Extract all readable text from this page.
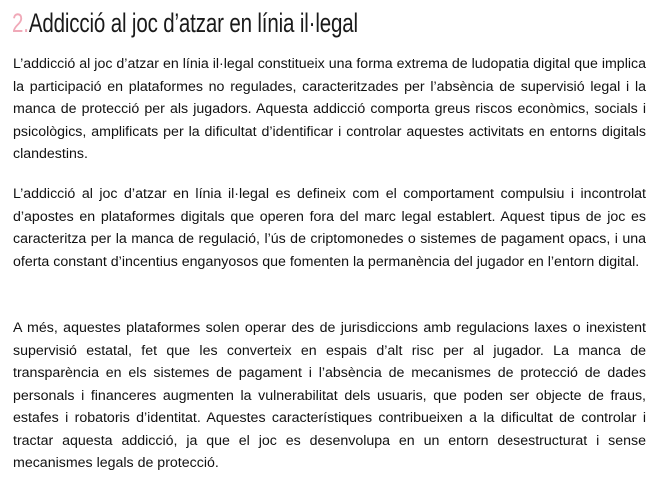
2.Addicció al joc d’atzar en línia il·legal

L’addicció al joc d’atzar en línia il·legal constitueix una forma extrema de ludopatia digital que implica la participació en plataformes no regulades, caracteritzades per l’absència de supervisió legal i la manca de protecció per als jugadors. Aquesta addicció comporta greus riscos econòmics, socials i psicològics, amplificats per la dificultat d’identificar i controlar aquestes activitats en entorns digitals clandestins.

L’addicció al joc d’atzar en línia il·legal es defineix com el comportament compulsiu i incontrolat d’apostes en plataformes digitals que operen fora del marc legal establert. Aquest tipus de joc es caracteritza per la manca de regulació, l’ús de criptomonedes o sistemes de pagament opacs, i una oferta constant d’incentius enganyosos que fomenten la permanència del jugador en l’entorn digital.

A més, aquestes plataformes solen operar des de jurisdiccions amb regulacions laxes o inexistent supervisió estatal, fet que les converteix en espais d’alt risc per al jugador. La manca de transparència en els sistemes de pagament i l’absència de mecanismes de protecció de dades personals i financeres augmenten la vulnerabilitat dels usuaris, que poden ser objecte de fraus, estafes i robatoris d’identitat. Aquestes característiques contribueixen a la dificultat de controlar i tractar aquesta addicció, ja que el joc es desenvolupa en un entorn desestructurat i sense mecanismes legals de protecció.
